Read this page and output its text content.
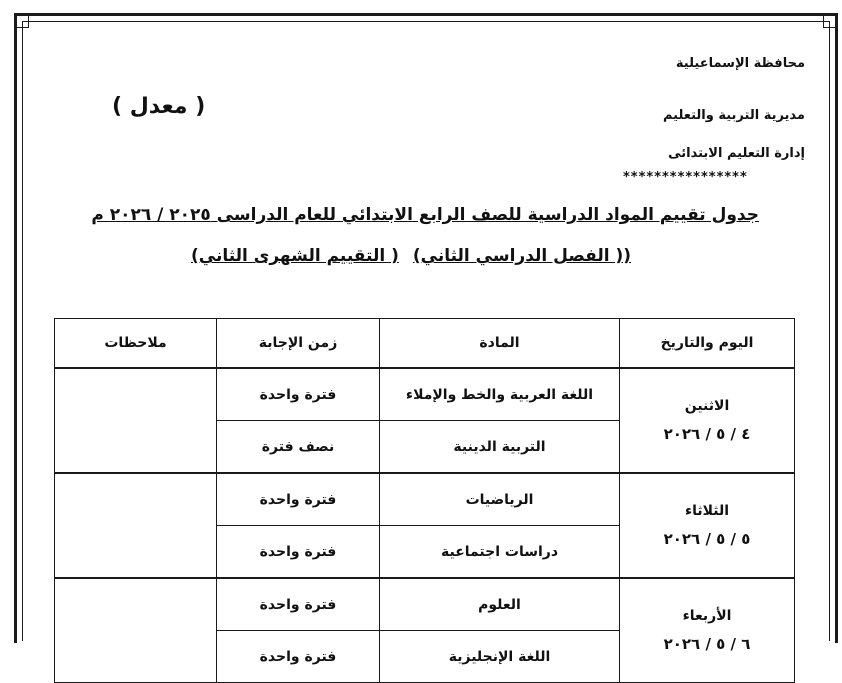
محافظة الإسماعيلية
مديرية التربية والتعليم
إدارة التعليم الابتدائى
****************
( معدل )
جدول تقييم المواد الدراسية للصف الرابع الابتدائي للعام الدراسى ٢٠٢٥ / ٢٠٢٦ م
(( الفصل الدراسي الثاني)( التقييم الشهرى الثاني)
اليوم والتاريخ	المادة	زمن الإجابة	ملاحظات

الاثنين
٤ / ٥ / ٢٠٢٦	اللغة العربية والخط والإملاء	فترة واحدة	
	التربية الدينية	نصف فترة	

الثلاثاء
٥ / ٥ / ٢٠٢٦	الرياضيات	فترة واحدة	
	دراسات اجتماعية	فترة واحدة	

الأربعاء
٦ / ٥ / ٢٠٢٦	العلوم	فترة واحدة	
	اللغة الإنجليزية	فترة واحدة	
